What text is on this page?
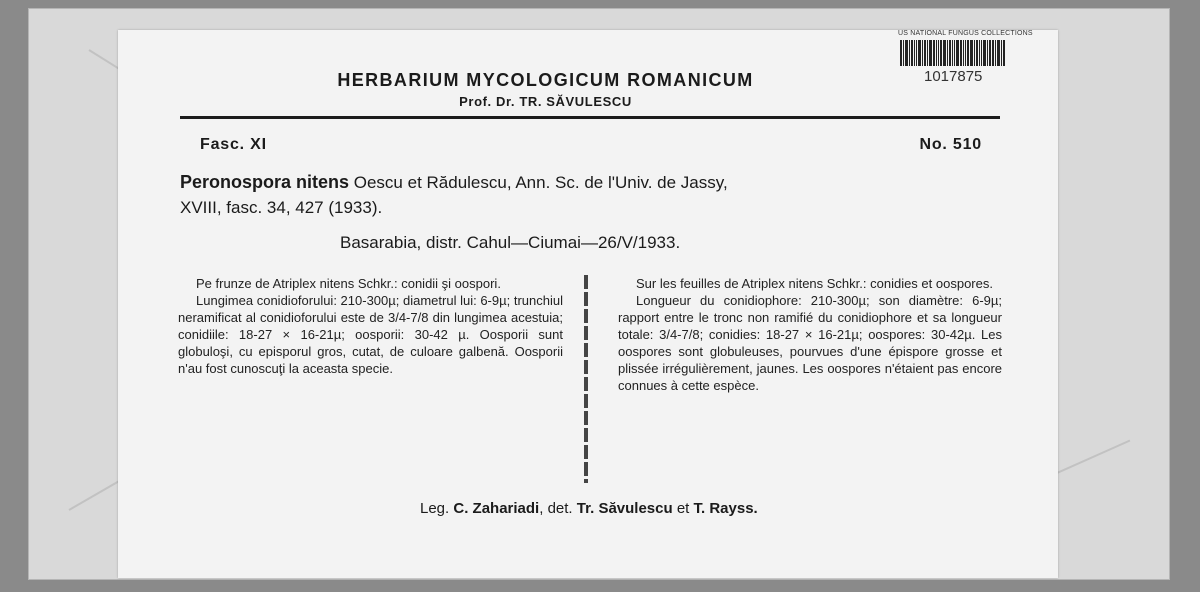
US NATIONAL FUNGUS COLLECTIONS
1017875
HERBARIUM MYCOLOGICUM ROMANICUM
Prof. Dr. TR. SĂVULESCU
Fasc. XI	No. 510
Peronospora nitens Oescu et Rădulescu, Ann. Sc. de l'Univ. de Jassy,
XVIII, fasc. 34, 427 (1933).
Basarabia, distr. Cahul—Ciumai—26/V/1933.

Pe frunze de Atriplex nitens Schkr.: conidii şi oospori.

Lungimea conidioforului: 210-300µ; diametrul lui: 6-9µ; trunchiul neramificat al conidioforului este de 3/4-7/8 din lungimea acestuia; conidiile: 18-27 × 16-21µ; oosporii: 30-42 µ. Oosporii sunt globuloşi, cu episporul gros, cutat, de culoare galbenă. Oosporii n'au fost cunoscuţi la aceasta specie.

Sur les feuilles de Atriplex nitens Schkr.: conidies et oospores.

Longueur du conidiophore: 210-300µ; son diamètre: 6-9µ; rapport entre le tronc non ramifié du conidiophore et sa longueur totale: 3/4-7/8; conidies: 18-27 × 16-21µ; oospores: 30-42µ. Les oospores sont globuleuses, pourvues d'une épispore grosse et plissée irrégulièrement, jaunes. Les oospores n'étaient pas encore connues à cette espèce.

Leg. C. Zahariadi, det. Tr. Săvulescu et T. Rayss.
